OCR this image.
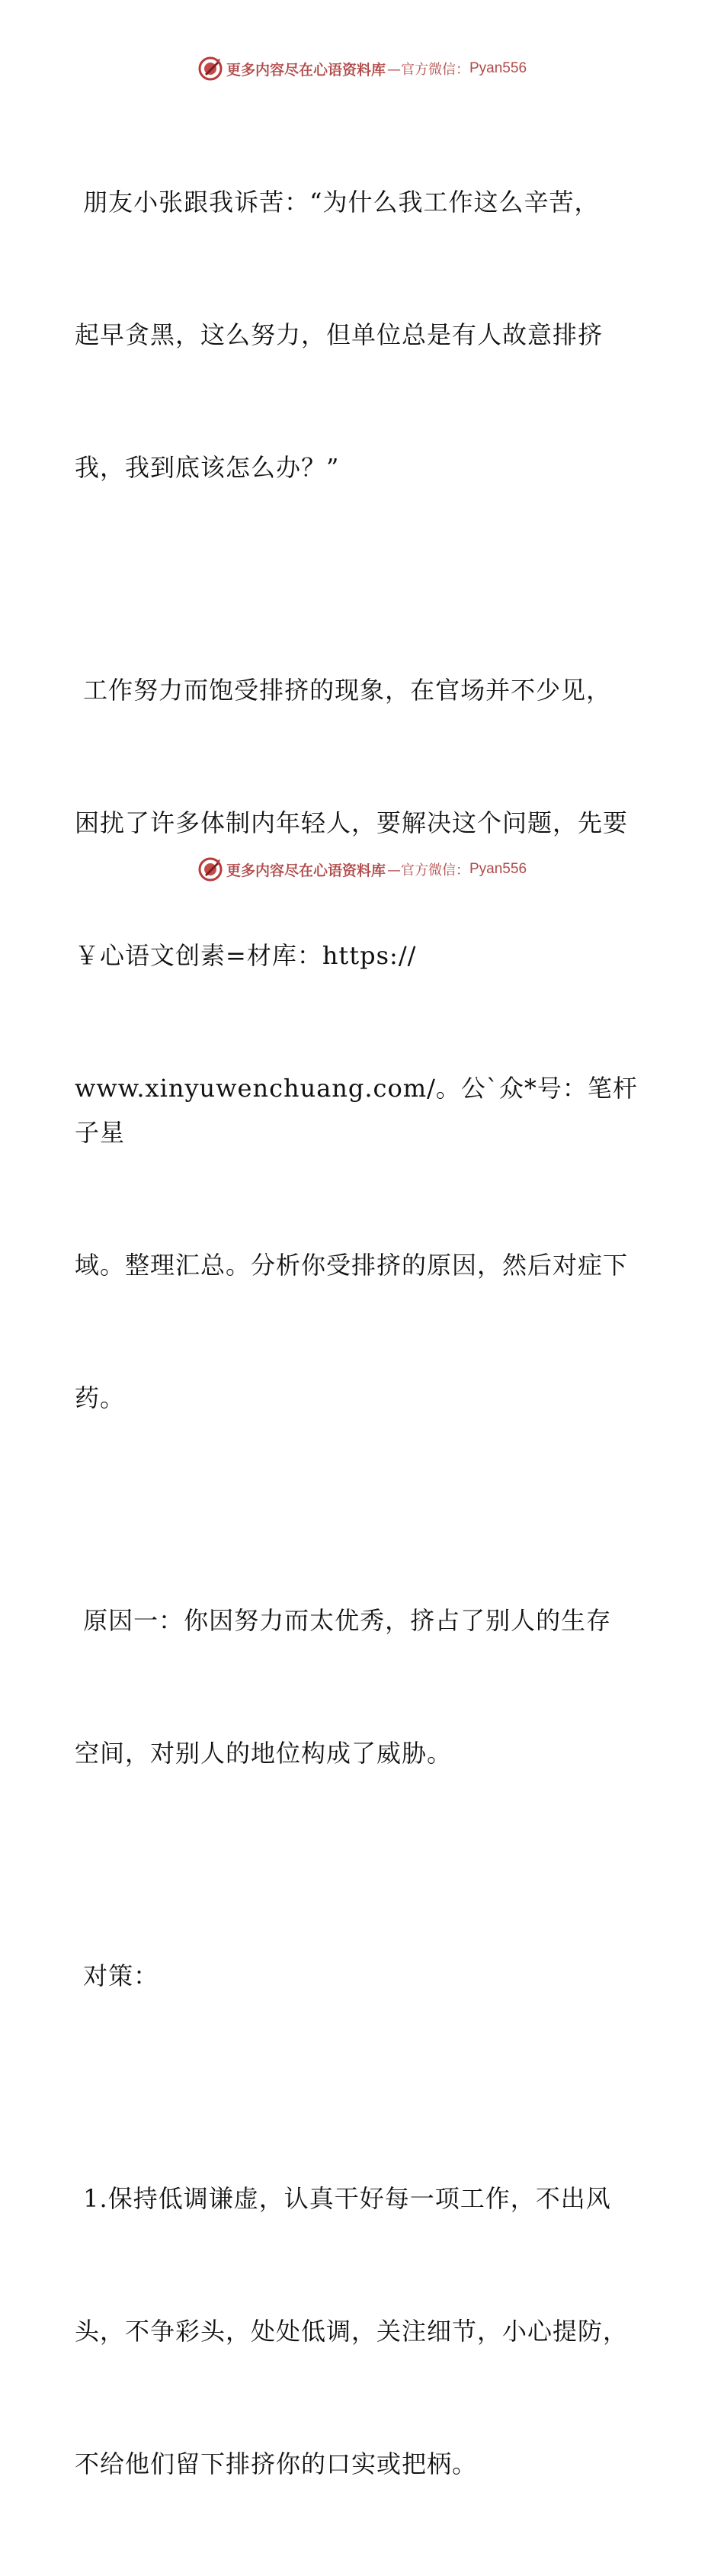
更多内容尽在心语资料库 —官方微信： Pyan556

朋友小张跟我诉苦：“为什么我工作这么辛苦，

起早贪黑，这么努力，但单位总是有人故意排挤

我，我到底该怎么办？”

工作努力而饱受排挤的现象，在官场并不少见，

困扰了许多体制内年轻人，要解决这个问题，先要

￥心语文创素=材库：https://

www.xinyuwenchuang.com/。公`众*号：笔杆子星

域。整理汇总。分析你受排挤的原因，然后对症下

药。

原因一：你因努力而太优秀，挤占了别人的生存

空间，对别人的地位构成了威胁。

对策：

1.保持低调谦虚，认真干好每一项工作，不出风

头，不争彩头，处处低调，关注细节，小心提防，

不给他们留下排挤你的口实或把柄。

更多内容尽在心语资料库 —官方微信： Pyan556
